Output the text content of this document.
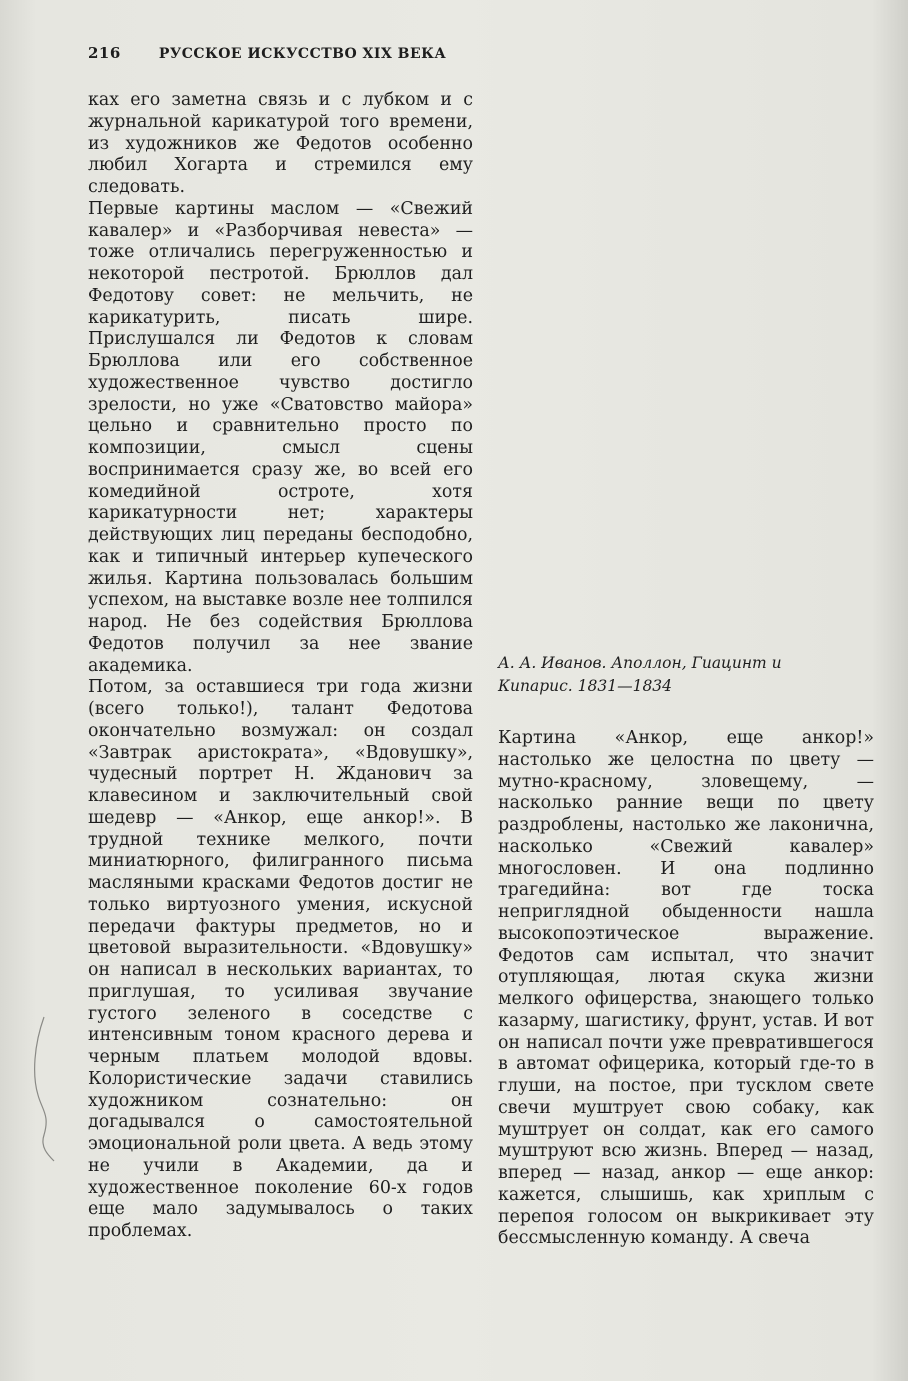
216	РУССКОЕ ИСКУССТВО XIX ВЕКА

ках его заметна связь и с лубком и с журнальной карикатурой того времени, из художников же Федотов особенно любил Хогарта и стремился ему следовать.

Первые картины маслом — «Свежий кавалер» и «Разборчивая невеста» — тоже отличались перегруженностью и некоторой пестротой. Брюллов дал Федотову совет: не мельчить, не карикатурить, писать шире. Прислушался ли Федотов к словам Брюллова или его собственное художественное чувство достигло зрелости, но уже «Сватовство майора» цельно и сравнительно просто по композиции, смысл сцены воспринимается сразу же, во всей его комедийной остроте, хотя карикатурности нет; характеры действующих лиц переданы бесподобно, как и типичный интерьер купеческого жилья. Картина пользовалась большим успехом, на выставке возле нее толпился народ. Не без содействия Брюллова Федотов получил за нее звание академика.

Потом, за оставшиеся три года жизни (всего только!), талант Федотова окончательно возмужал: он создал «Завтрак аристократа», «Вдовушку», чудесный портрет Н. Жданович за клавесином и заключительный свой шедевр — «Анкор, еще анкор!». В трудной технике мелкого, почти миниатюрного, филигранного письма масляными красками Федотов достиг не только виртуозного умения, искусной передачи фактуры предметов, но и цветовой выразительности. «Вдовушку» он написал в нескольких вариантах, то приглушая, то усиливая звучание густого зеленого в соседстве с интенсивным тоном красного дерева и черным платьем молодой вдовы. Колористические задачи ставились художником сознательно: он догадывался о самостоятельной эмоциональной роли цвета. А ведь этому не учили в Академии, да и художественное поколение 60-х годов еще мало задумывалось о таких проблемах.

А. А. Иванов. Аполлон, Гиацинт и Кипарис. 1831—1834

Картина «Анкор, еще анкор!» настолько же целостна по цвету — мутно-красному, зловещему, — насколько ранние вещи по цвету раздроблены, настолько же лаконична, насколько «Свежий кавалер» многословен. И она подлинно трагедийна: вот где тоска неприглядной обыденности нашла высокопоэтическое выражение. Федотов сам испытал, что значит отупляющая, лютая скука жизни мелкого офицерства, знающего только казарму, шагистику, фрунт, устав. И вот он написал почти уже превратившегося в автомат офицерика, который где-то в глуши, на постое, при тусклом свете свечи муштрует свою собаку, как муштрует он солдат, как его самого муштруют всю жизнь. Вперед — назад, вперед — назад, анкор — еще анкор: кажется, слышишь, как хриплым с перепоя голосом он выкрикивает эту бессмысленную команду. А свеча
